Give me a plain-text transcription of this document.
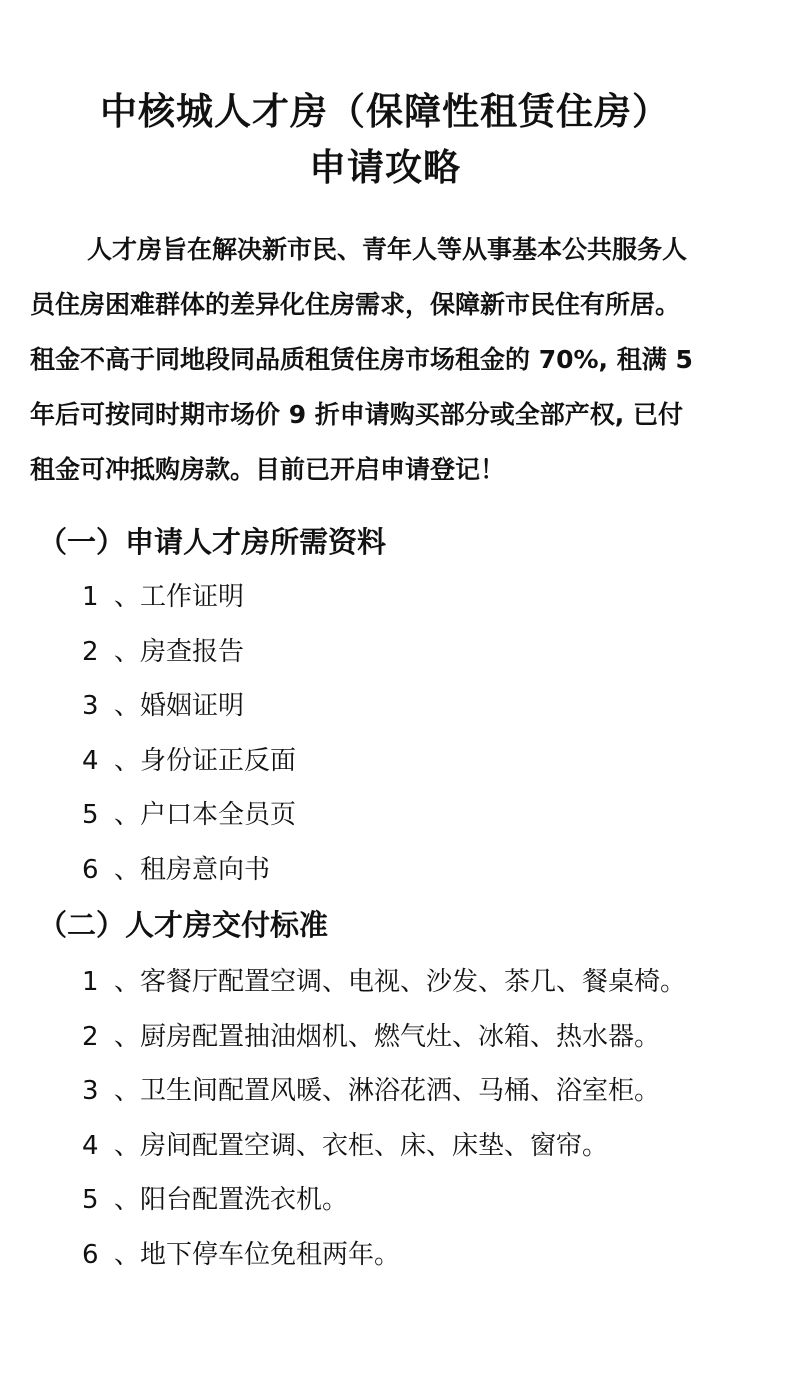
中核城人才房（保障性租赁住房）
申请攻略

人才房旨在解决新市民、青年人等从事基本公共服务人

员住房困难群体的差异化住房需求，保障新市民住有所居。

租金不高于同地段同品质租赁住房市场租金的 70%, 租满 5

年后可按同时期市场价 9 折申请购买部分或全部产权, 已付

租金可冲抵购房款。目前已开启申请登记！

（一）申请人才房所需资料
1 、工作证明
2 、房查报告
3 、婚姻证明
4 、身份证正反面
5 、户口本全员页
6 、租房意向书
（二）人才房交付标准
1 、客餐厅配置空调、电视、沙发、茶几、餐桌椅。
2 、厨房配置抽油烟机、燃气灶、冰箱、热水器。
3 、卫生间配置风暖、淋浴花洒、马桶、浴室柜。
4 、房间配置空调、衣柜、床、床垫、窗帘。
5 、阳台配置洗衣机。
6 、地下停车位免租两年。
